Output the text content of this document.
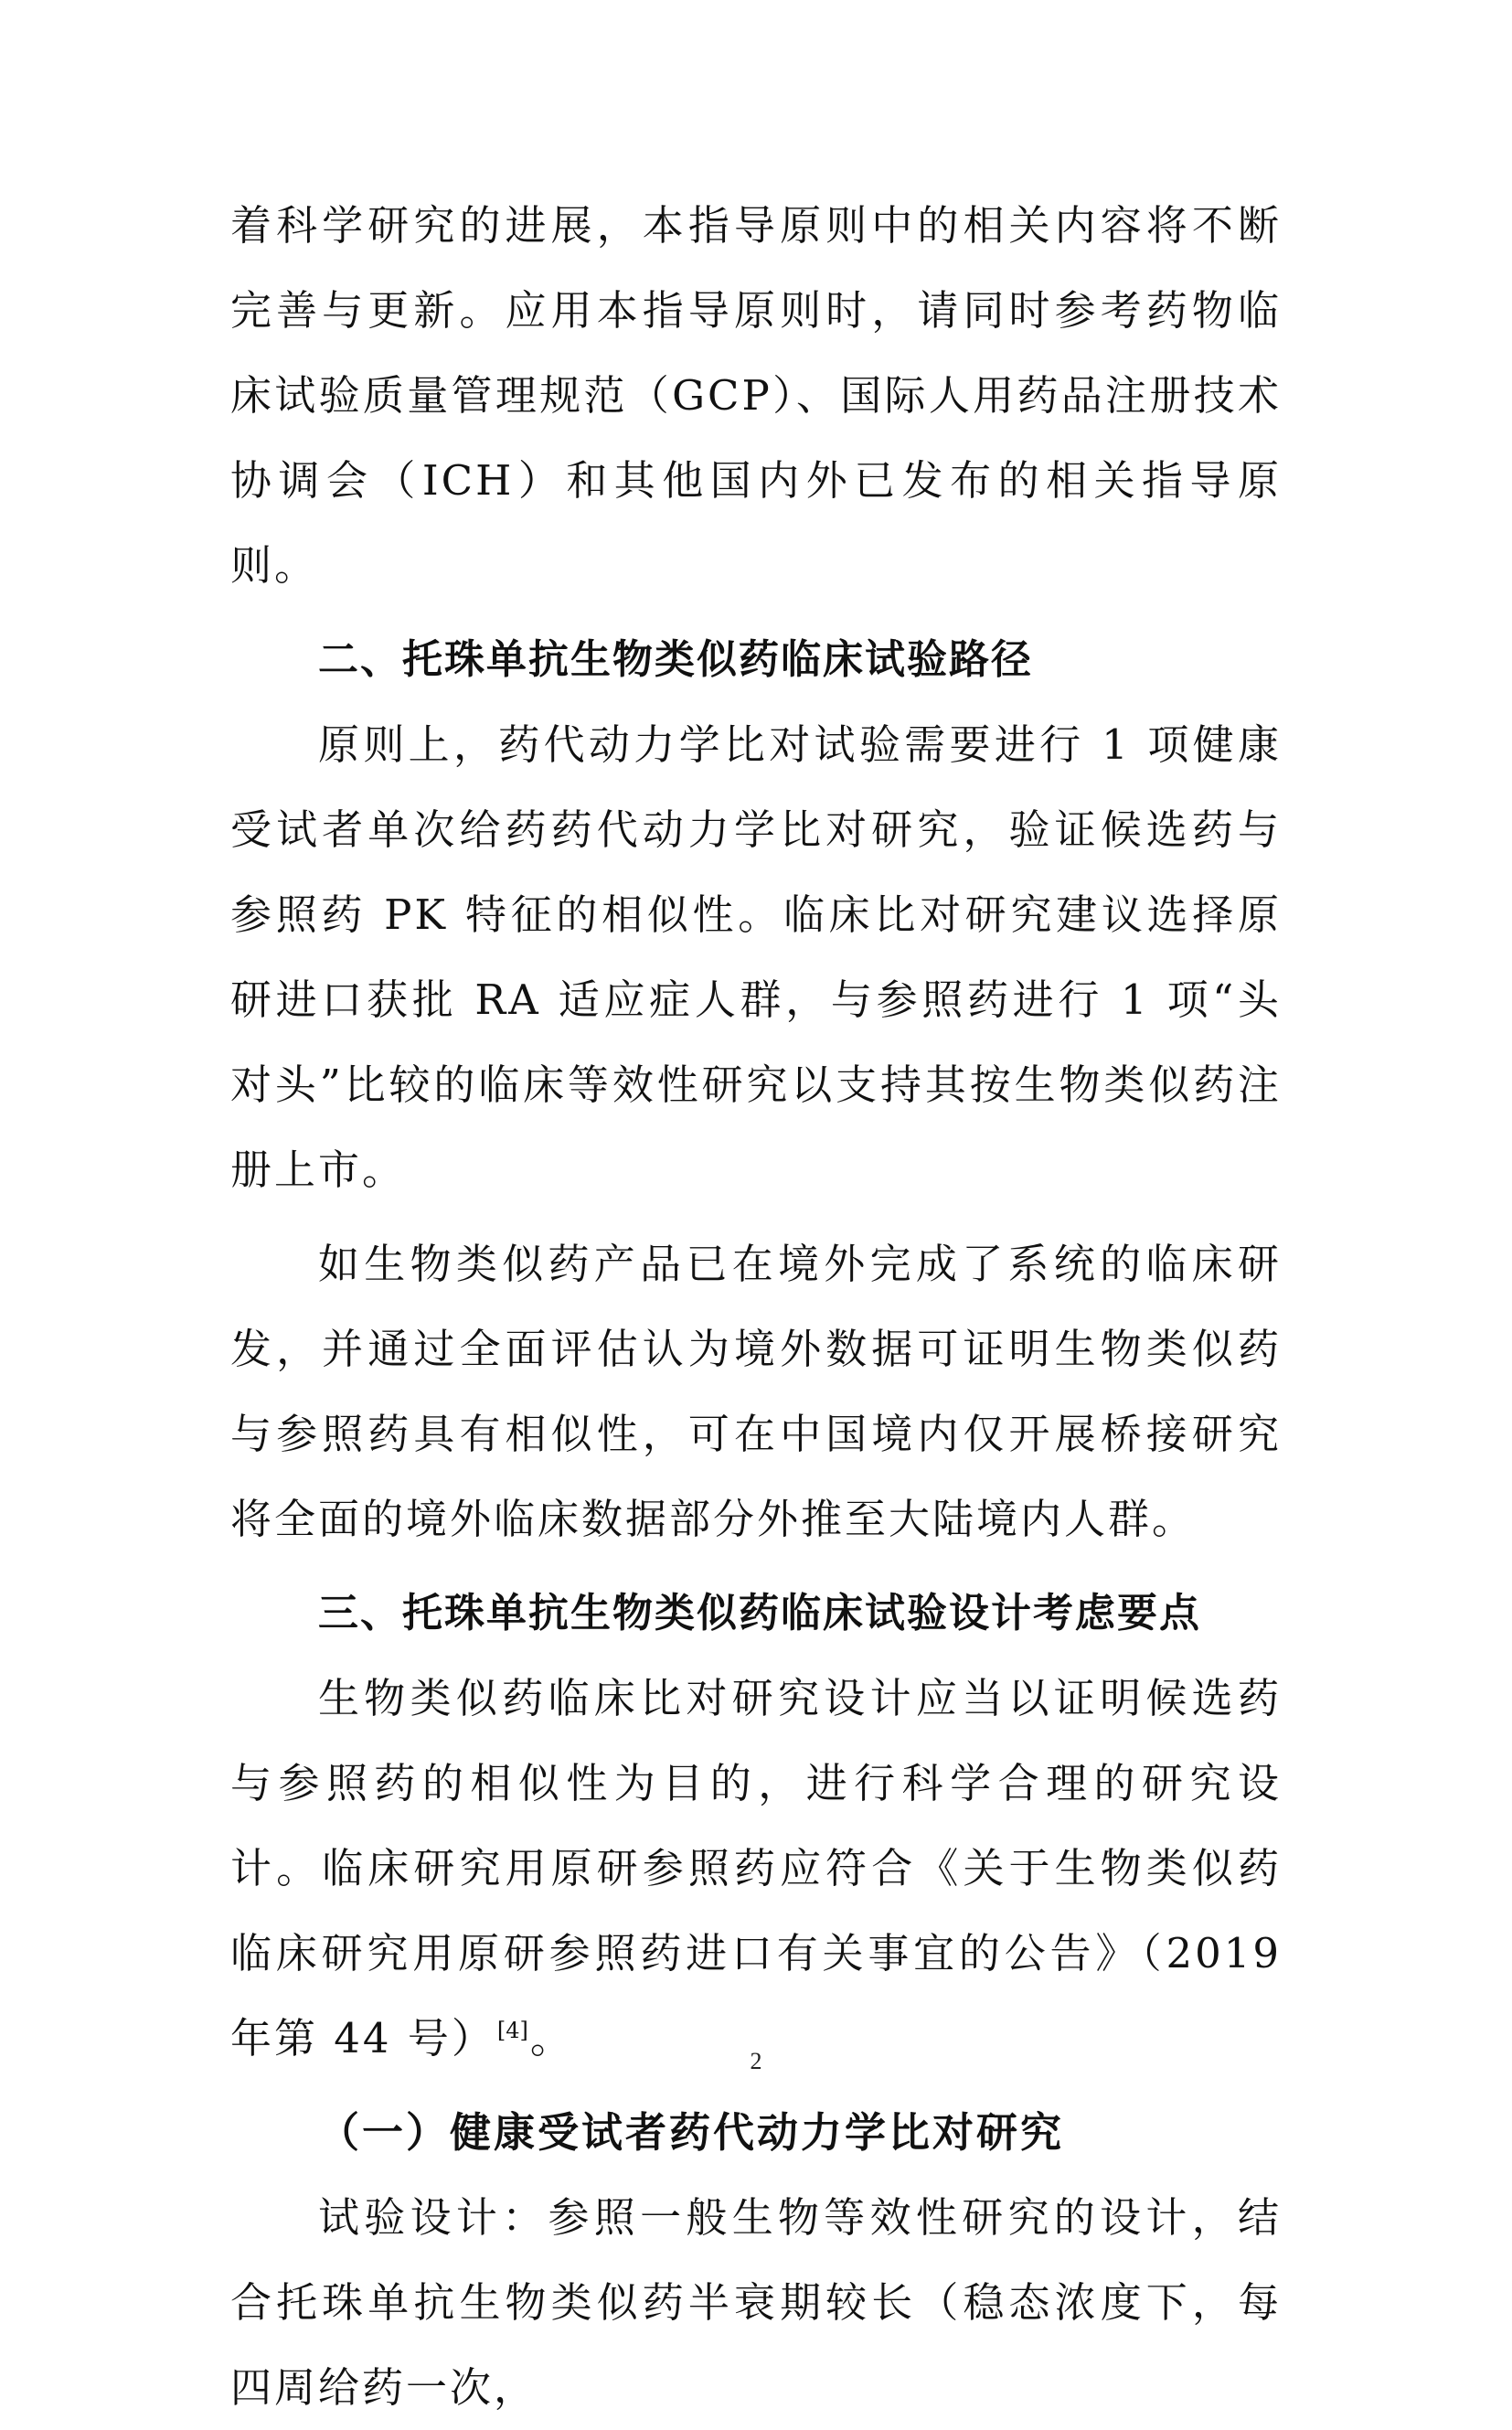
着科学研究的进展，本指导原则中的相关内容将不断完善与更新。应用本指导原则时，请同时参考药物临床试验质量管理规范（GCP）、国际人用药品注册技术协调会（ICH）和其他国内外已发布的相关指导原则。

二、托珠单抗生物类似药临床试验路径

原则上，药代动力学比对试验需要进行 1 项健康受试者单次给药药代动力学比对研究，验证候选药与参照药 PK 特征的相似性。临床比对研究建议选择原研进口获批 RA 适应症人群，与参照药进行 1 项“头对头”比较的临床等效性研究以支持其按生物类似药注册上市。

如生物类似药产品已在境外完成了系统的临床研发，并通过全面评估认为境外数据可证明生物类似药与参照药具有相似性，可在中国境内仅开展桥接研究将全面的境外临床数据部分外推至大陆境内人群。

三、托珠单抗生物类似药临床试验设计考虑要点

生物类似药临床比对研究设计应当以证明候选药与参照药的相似性为目的，进行科学合理的研究设计。临床研究用原研参照药应符合《关于生物类似药临床研究用原研参照药进口有关事宜的公告》（2019 年第 44 号）[4]。

（一）健康受试者药代动力学比对研究

试验设计：参照一般生物等效性研究的设计，结合托珠单抗生物类似药半衰期较长（稳态浓度下，每四周给药一次，

2
